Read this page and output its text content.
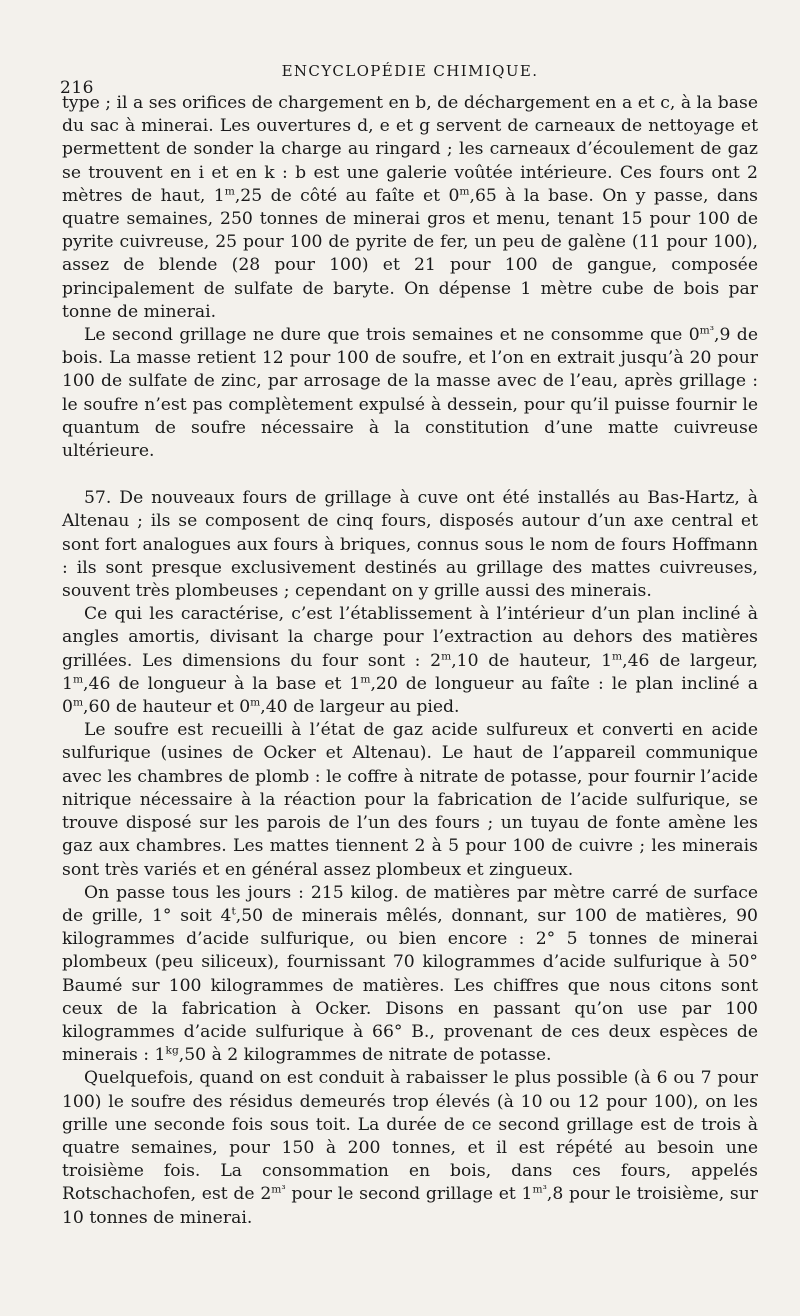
216
ENCYCLOPÉDIE CHIMIQUE.

type ; il a ses orifices de chargement en b, de déchargement en a et c, à la base du sac à minerai. Les ouvertures d, e et g servent de carneaux de nettoyage et permettent de sonder la charge au ringard ; les carneaux d’écoulement de gaz se trouvent en i et en k : b est une galerie voûtée intérieure. Ces fours ont 2 mètres de haut, 1$^m$,25 de côté au faîte et 0$^m$,65 à la base. On y passe, dans quatre semaines, 250 tonnes de minerai gros et menu, tenant 15 pour 100 de pyrite cuivreuse, 25 pour 100 de pyrite de fer, un peu de galène (11 pour 100), assez de blende (28 pour 100) et 21 pour 100 de gangue, composée principalement de sulfate de baryte. On dépense 1 mètre cube de bois par tonne de minerai.

Le second grillage ne dure que trois semaines et ne consomme que $0^{m^3},9$ de bois. La masse retient 12 pour 100 de soufre, et l’on en extrait jusqu’à 20 pour 100 de sulfate de zinc, par arrosage de la masse avec de l’eau, après grillage : le soufre n’est pas complètement expulsé à dessein, pour qu’il puisse fournir le quantum de soufre nécessaire à la constitution d’une matte cuivreuse ultérieure.

57. De nouveaux fours de grillage à cuve ont été installés au Bas-Hartz, à Altenau ; ils se composent de cinq fours, disposés autour d’un axe central et sont fort analogues aux fours à briques, connus sous le nom de fours Hoffmann : ils sont presque exclusivement destinés au grillage des mattes cuivreuses, souvent très plombeuses ; cependant on y grille aussi des minerais.

Ce qui les caractérise, c’est l’établissement à l’intérieur d’un plan incliné à angles amortis, divisant la charge pour l’extraction au dehors des matières grillées. Les dimensions du four sont : 2$^m$,10 de hauteur, 1$^m$,46 de largeur, 1$^m$,46 de longueur à la base et 1$^m$,20 de longueur au faîte : le plan incliné a 0$^m$,60 de hauteur et 0$^m$,40 de largeur au pied.

Le soufre est recueilli à l’état de gaz acide sulfureux et converti en acide sulfurique (usines de Ocker et Altenau). Le haut de l’appareil communique avec les chambres de plomb : le coffre à nitrate de potasse, pour fournir l’acide nitrique nécessaire à la réaction pour la fabrication de l’acide sulfurique, se trouve disposé sur les parois de l’un des fours ; un tuyau de fonte amène les gaz aux chambres. Les mattes tiennent 2 à 5 pour 100 de cuivre ; les minerais sont très variés et en général assez plombeux et zingueux.

On passe tous les jours : 215 kilog. de matières par mètre carré de surface de grille, 1° soit 4$^t$,50 de minerais mêlés, donnant, sur 100 de matières, 90 kilogrammes d’acide sulfurique, ou bien encore : 2° 5 tonnes de minerai plombeux (peu siliceux), fournissant 70 kilogrammes d’acide sulfurique à 50° Baumé sur 100 kilogrammes de matières. Les chiffres que nous citons sont ceux de la fabrication à Ocker. Disons en passant qu’on use par 100 kilogrammes d’acide sulfurique à 66° B., provenant de ces deux espèces de minerais : $1^{kg},50$ à 2 kilogrammes de nitrate de potasse.

Quelquefois, quand on est conduit à rabaisser le plus possible (à 6 ou 7 pour 100) le soufre des résidus demeurés trop élevés (à 10 ou 12 pour 100), on les grille une seconde fois sous toit. La durée de ce second grillage est de trois à quatre semaines, pour 150 à 200 tonnes, et il est répété au besoin une troisième fois. La consommation en bois, dans ces fours, appelés Rotschachofen, est de $2^{m^3}$ pour le second grillage et $1^{m^3},8$ pour le troisième, sur 10 tonnes de minerai.
